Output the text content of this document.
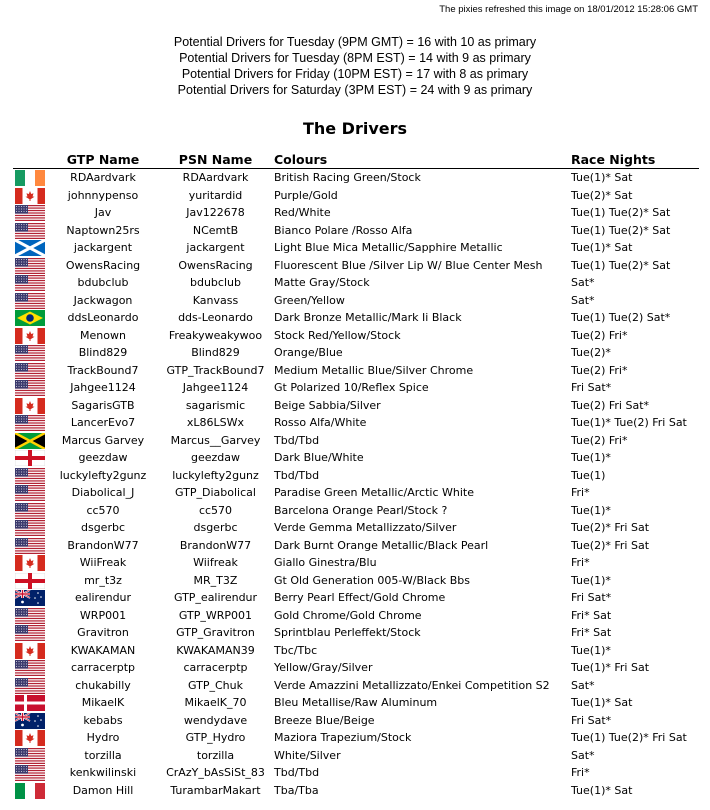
The pixies refreshed this image on 18/01/2012 15:28:06 GMT
Potential Drivers for Tuesday (9PM GMT) = 16 with 10 as primary
Potential Drivers for Tuesday (8PM EST) = 14 with 9 as primary
Potential Drivers for Friday (10PM EST) = 17 with 8 as primary
Potential Drivers for Saturday (3PM EST) = 24 with 9 as primary
The Drivers
	GTP Name	PSN Name	Colours	Race Nights

	RDAardvark	RDAardvark	British Racing Green/Stock	Tue(1)* Sat

	johnnypenso	yuritardid	Purple/Gold	Tue(2)* Sat

	Jav	Jav122678	Red/White	Tue(1) Tue(2)* Sat

	Naptown25rs	NCemtB	Bianco Polare /Rosso Alfa	Tue(1) Tue(2)* Sat

	jackargent	jackargent	Light Blue Mica Metallic/Sapphire Metallic	Tue(1)* Sat

	OwensRacing	OwensRacing	Fluorescent Blue /Silver Lip W/ Blue Center Mesh	Tue(1) Tue(2)* Sat

	bdubclub	bdubclub	Matte Gray/Stock	Sat*

	Jackwagon	Kanvass	Green/Yellow	Sat*

	ddsLeonardo	dds-Leonardo	Dark Bronze Metallic/Mark Ii Black	Tue(1) Tue(2) Sat*

	Menown	Freakyweakywoo	Stock Red/Yellow/Stock	Tue(2) Fri*

	Blind829	Blind829	Orange/Blue	Tue(2)*

	TrackBound7	GTP_TrackBound7	Medium Metallic Blue/Silver Chrome	Tue(2) Fri*

	Jahgee1124	Jahgee1124	Gt Polarized 10/Reflex Spice	Fri Sat*

	SagarisGTB	sagarismic	Beige Sabbia/Silver	Tue(2) Fri Sat*

	LancerEvo7	xL86LSWx	Rosso Alfa/White	Tue(1)* Tue(2) Fri Sat

	Marcus Garvey	Marcus__Garvey	Tbd/Tbd	Tue(2) Fri*

	geezdaw	geezdaw	Dark Blue/White	Tue(1)*

	luckylefty2gunz	luckylefty2gunz	Tbd/Tbd	Tue(1)

	Diabolical_J	GTP_Diabolical	Paradise Green Metallic/Arctic White	Fri*

	cc570	cc570	Barcelona Orange Pearl/Stock ?	Tue(1)*

	dsgerbc	dsgerbc	Verde Gemma Metallizzato/Silver	Tue(2)* Fri Sat

	BrandonW77	BrandonW77	Dark Burnt Orange Metallic/Black Pearl	Tue(2)* Fri Sat

	WiiFreak	Wiifreak	Giallo Ginestra/Blu	Fri*

	mr_t3z	MR_T3Z	Gt Old Generation 005-W/Black Bbs	Tue(1)*

	ealirendur	GTP_ealirendur	Berry Pearl Effect/Gold Chrome	Fri Sat*

	WRP001	GTP_WRP001	Gold Chrome/Gold Chrome	Fri* Sat

	Gravitron	GTP_Gravitron	Sprintblau Perleffekt/Stock	Fri* Sat

	KWAKAMAN	KWAKAMAN39	Tbc/Tbc	Tue(1)*

	carracerptp	carracerptp	Yellow/Gray/Silver	Tue(1)* Fri Sat

	chukabilly	GTP_Chuk	Verde Amazzini Metallizzato/Enkei Competition S2	Sat*

	MikaelK	MikaelK_70	Bleu Metallise/Raw Aluminum	Tue(1)* Sat

	kebabs	wendydave	Breeze Blue/Beige	Fri Sat*

	Hydro	GTP_Hydro	Maziora Trapezium/Stock	Tue(1) Tue(2)* Fri Sat

	torzilla	torzilla	White/Silver	Sat*

	kenkwilinski	CrAzY_bAsSiSt_83	Tbd/Tbd	Fri*

	Damon Hill	TurambarMakart	Tba/Tba	Tue(1)* Sat
